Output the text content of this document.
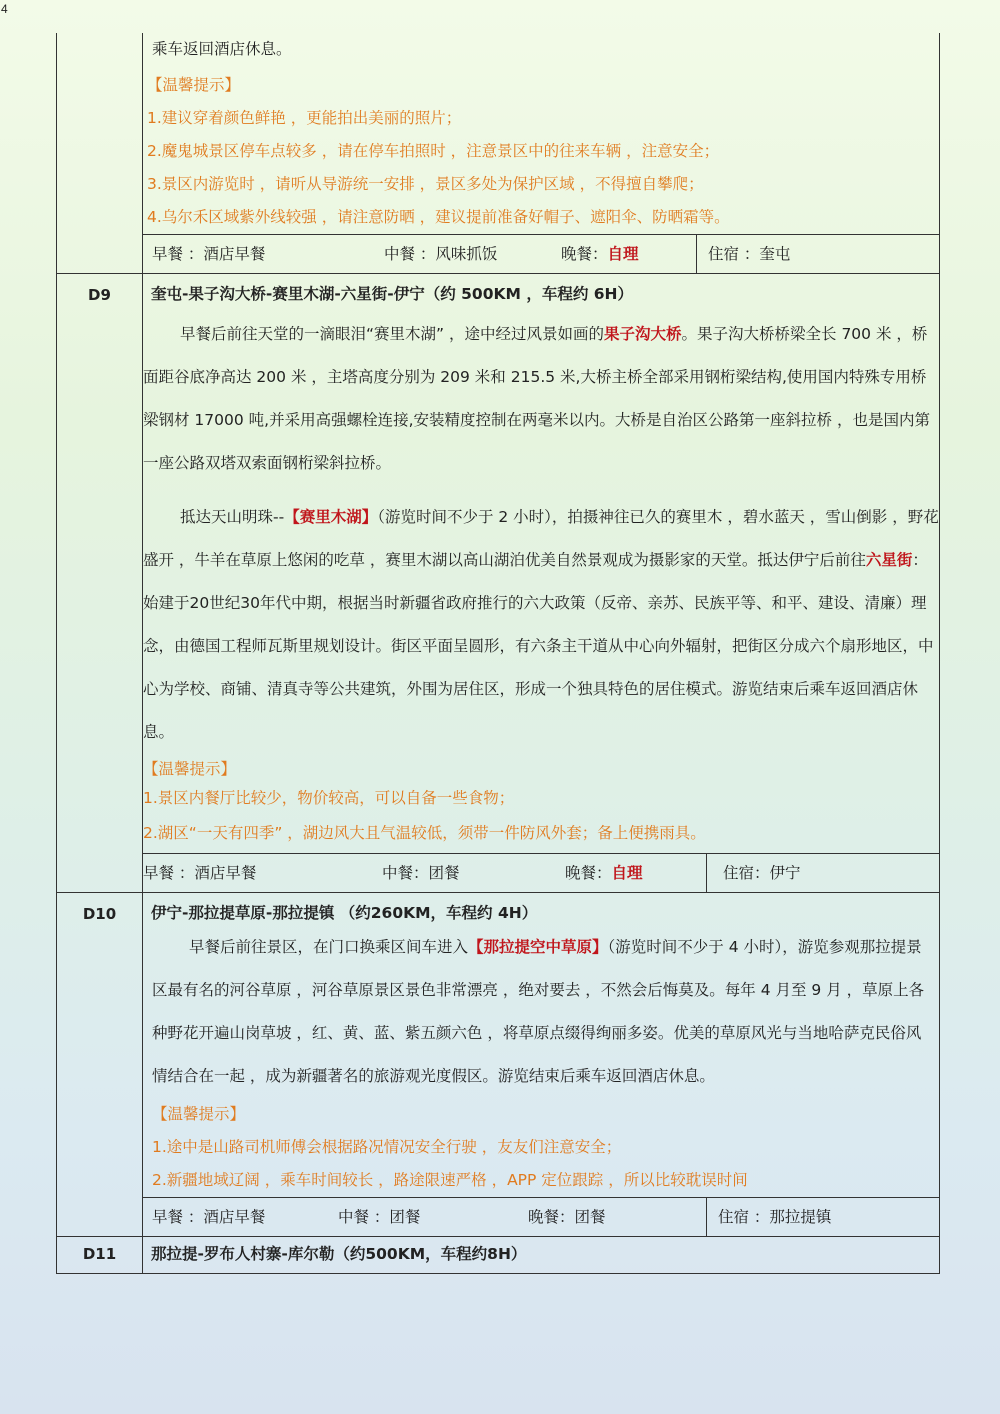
4
乘车返回酒店休息。
【温馨提示】
1.建议穿着颜色鲜艳 ，更能拍出美丽的照片；
2.魔鬼城景区停车点较多 ，请在停车拍照时 ，注意景区中的往来车辆 ，注意安全；
3.景区内游览时 ，请听从导游统一安排 ，景区多处为保护区域 ，不得擅自攀爬；
4.乌尔禾区域紫外线较强 ，请注意防晒 ，建议提前准备好帽子、遮阳伞、防晒霜等。
早餐 ：酒店早餐	中餐 ：风味抓饭	晚餐：自理	住宿 ：奎屯
D9	奎屯-果子沟大桥-赛里木湖-六星街-伊宁（约 500KM ，车程约 6H）

早餐后前往天堂的一滴眼泪“赛里木湖” ，途中经过风景如画的果子沟大桥。果子沟大桥桥梁全长 700 米 ，桥面距谷底净高达 200 米 ，主塔高度分别为 209 米和 215.5 米,大桥主桥全部采用钢桁梁结构,使用国内特殊专用桥梁钢材 17000 吨,并采用高强螺栓连接,安装精度控制在两毫米以内。大桥是自治区公路第一座斜拉桥 ，也是国内第一座公路双塔双索面钢桁梁斜拉桥。

抵达天山明珠--【赛里木湖】（游览时间不少于 2 小时），拍摄神往已久的赛里木 ，碧水蓝天 ，雪山倒影 ，野花盛开 ，牛羊在草原上悠闲的吃草 ，赛里木湖以高山湖泊优美自然景观成为摄影家的天堂。抵达伊宁后前往六星街：始建于20世纪30年代中期，根据当时新疆省政府推行的六大政策（反帝、亲苏、民族平等、和平、建设、清廉）理念，由德国工程师瓦斯里规划设计。街区平面呈圆形，有六条主干道从中心向外辐射，把街区分成六个扇形地区，中心为学校、商铺、清真寺等公共建筑，外围为居住区，形成一个独具特色的居住模式。游览结束后乘车返回酒店休息。

【温馨提示】
1.景区内餐厅比较少，物价较高，可以自备一些食物；
2.湖区“一天有四季” ，湖边风大且气温较低，须带一件防风外套；备上便携雨具。
早餐 ：酒店早餐	中餐：团餐	晚餐：自理	住宿：伊宁
D10	伊宁-那拉提草原-那拉提镇 （约260KM，车程约 4H）

早餐后前往景区，在门口换乘区间车进入【那拉提空中草原】（游览时间不少于 4 小时），游览参观那拉提景区最有名的河谷草原 ，河谷草原景区景色非常漂亮 ，绝对要去 ，不然会后悔莫及。每年 4 月至 9 月 ，草原上各种野花开遍山岗草坡 ，红、黄、蓝、紫五颜六色 ，将草原点缀得绚丽多姿。优美的草原风光与当地哈萨克民俗风情结合在一起 ，成为新疆著名的旅游观光度假区。游览结束后乘车返回酒店休息。

【温馨提示】
1.途中是山路司机师傅会根据路况情况安全行驶 ，友友们注意安全；
2.新疆地域辽阔 ，乘车时间较长 ，路途限速严格 ，APP 定位跟踪 ，所以比较耽误时间
早餐 ：酒店早餐	中餐 ：团餐	晚餐：团餐	住宿 ：那拉提镇
D11	那拉提-罗布人村寨-库尔勒（约500KM，车程约8H）
